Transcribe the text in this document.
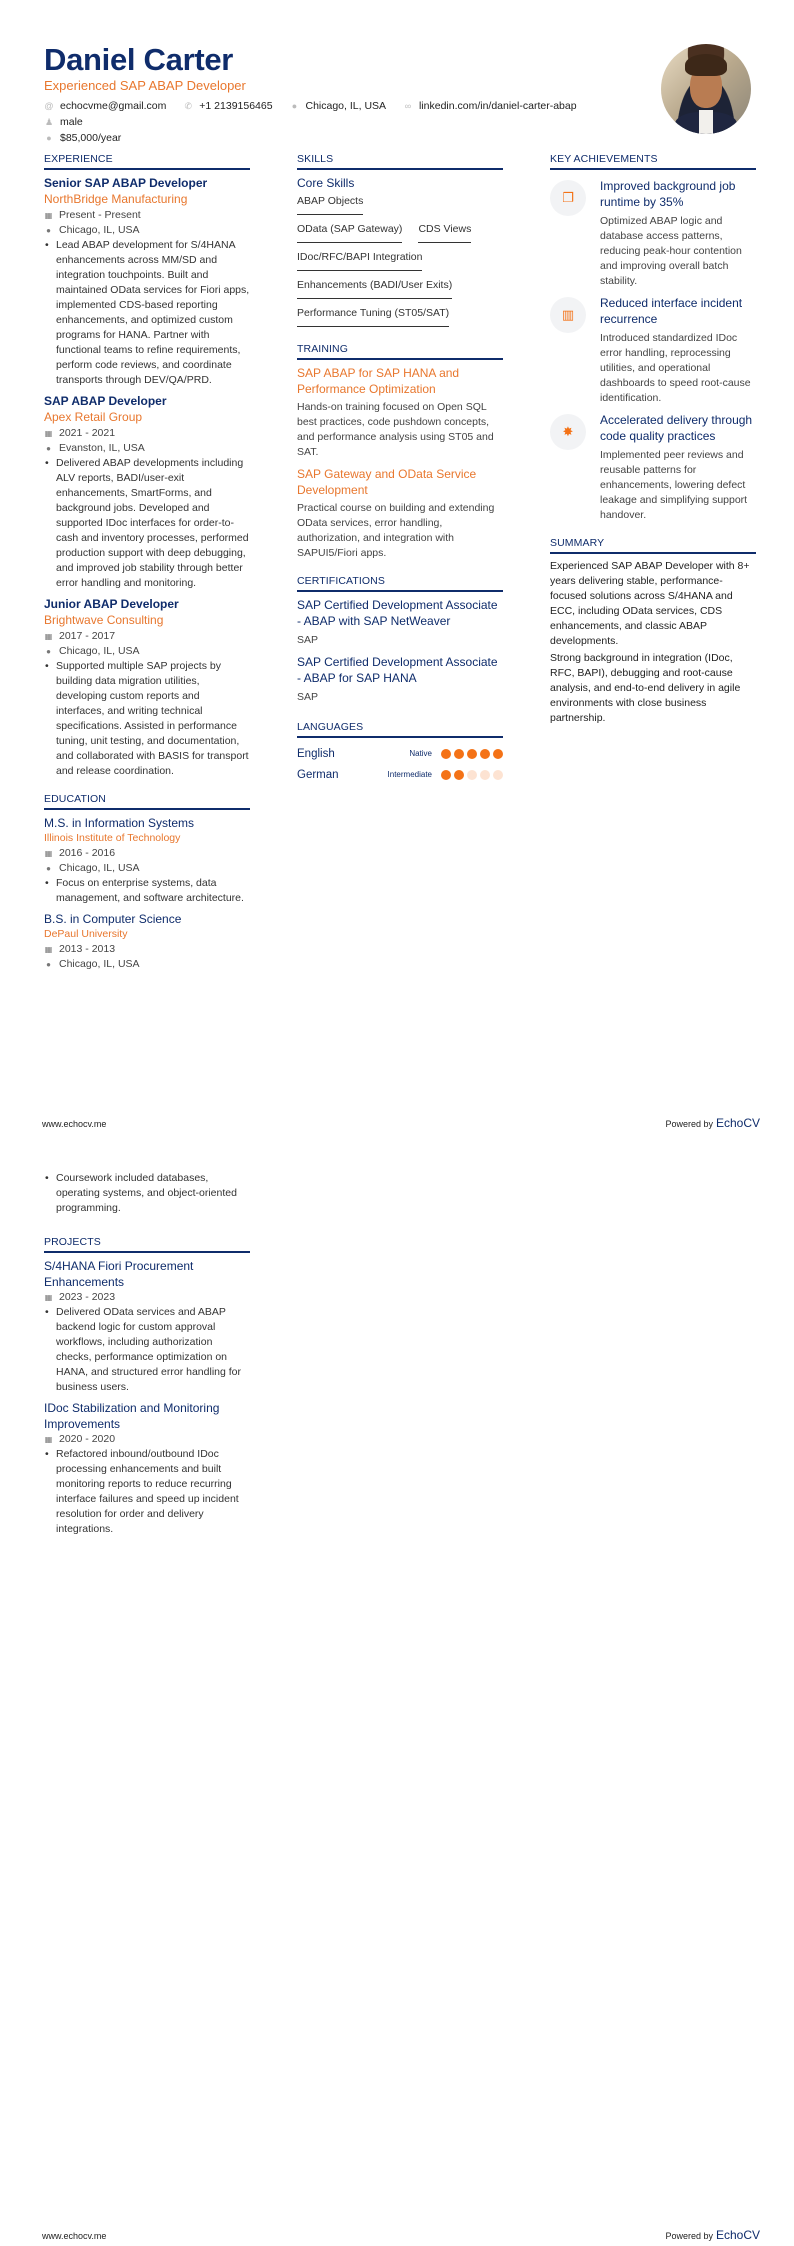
Daniel Carter
Experienced SAP ABAP Developer
@ echocvme@gmail.com
✆ +1 2139156465
● Chicago, IL, USA
∞ linkedin.com/in/daniel-carter-abap

♟ male

● $85,000/year
EXPERIENCE
Senior SAP ABAP Developer
NorthBridge Manufacturing
▦ Present - Present
● Chicago, IL, USA
• Lead ABAP development for S/4HANA enhancements across MM/SD and integration touchpoints. Built and maintained OData services for Fiori apps, implemented CDS-based reporting enhancements, and optimized custom programs for HANA. Partner with functional teams to refine requirements, perform code reviews, and coordinate transports through DEV/QA/PRD.
SAP ABAP Developer
Apex Retail Group
▦ 2021 - 2021
● Evanston, IL, USA
• Delivered ABAP developments including ALV reports, BADI/user-exit enhancements, SmartForms, and background jobs. Developed and supported IDoc interfaces for order-to-cash and inventory processes, performed production support with deep debugging, and improved job stability through better error handling and monitoring.
Junior ABAP Developer
Brightwave Consulting
▦ 2017 - 2017
● Chicago, IL, USA
• Supported multiple SAP projects by building data migration utilities, developing custom reports and interfaces, and writing technical specifications. Assisted in performance tuning, unit testing, and documentation, and collaborated with BASIS for transport and release coordination.
EDUCATION
M.S. in Information Systems
Illinois Institute of Technology
▦ 2016 - 2016
● Chicago, IL, USA
• Focus on enterprise systems, data management, and software architecture.
B.S. in Computer Science
DePaul University
▦ 2013 - 2013
● Chicago, IL, USA
SKILLS
Core Skills
ABAP Objects
OData (SAP Gateway) CDS Views
IDoc/RFC/BAPI Integration
Enhancements (BADI/User Exits)
Performance Tuning (ST05/SAT)
TRAINING
SAP ABAP for SAP HANA and Performance Optimization
Hands-on training focused on Open SQL best practices, code pushdown concepts, and performance analysis using ST05 and SAT.
SAP Gateway and OData Service Development
Practical course on building and extending OData services, error handling, authorization, and integration with SAPUI5/Fiori apps.
CERTIFICATIONS
SAP Certified Development Associate - ABAP with SAP NetWeaver
SAP
SAP Certified Development Associate - ABAP for SAP HANA
SAP
LANGUAGES
English	Native
German	Intermediate
KEY ACHIEVEMENTS
❐
Improved background job runtime by 35%
Optimized ABAP logic and database access patterns, reducing peak-hour contention and improving overall batch stability.
▥
Reduced interface incident recurrence
Introduced standardized IDoc error handling, reprocessing utilities, and operational dashboards to speed root-cause identification.
✸
Accelerated delivery through code quality practices
Implemented peer reviews and reusable patterns for enhancements, lowering defect leakage and simplifying support handover.
SUMMARY

Experienced SAP ABAP Developer with 8+ years delivering stable, performance-focused solutions across S/4HANA and ECC, including OData services, CDS enhancements, and classic ABAP developments.

Strong background in integration (IDoc, RFC, BAPI), debugging and root-cause analysis, and end-to-end delivery in agile environments with close business partnership.

www.echocv.me	Powered by EchoCV
• Coursework included databases, operating systems, and object-oriented programming.
PROJECTS
S/4HANA Fiori Procurement Enhancements
▦ 2023 - 2023
• Delivered OData services and ABAP backend logic for custom approval workflows, including authorization checks, performance optimization on HANA, and structured error handling for business users.
IDoc Stabilization and Monitoring Improvements
▦ 2020 - 2020
• Refactored inbound/outbound IDoc processing enhancements and built monitoring reports to reduce recurring interface failures and speed up incident resolution for order and delivery integrations.
www.echocv.me	Powered by EchoCV
